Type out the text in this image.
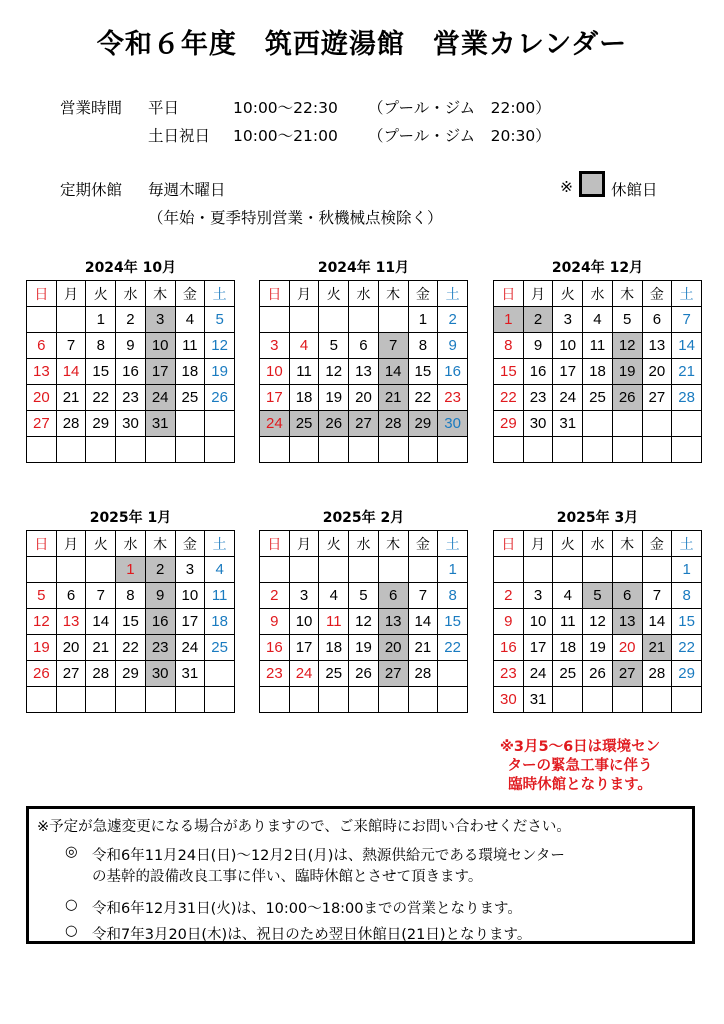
令和６年度　筑西遊湯館　営業カレンダー
営業時間 平日	10:00～22:30 （プール・ジム　22:00）
土日祝日 10:00～21:00 （プール・ジム　20:30）
定期休館 毎週木曜日
（年始・夏季特別営業・秋機械点検除く）
※ 休館日
2024年 10月
日	月	火	水	木	金	土
		1	2	3	4	5
6	7	8	9	10	11	12
13	14	15	16	17	18	19
20	21	22	23	24	25	26
27	28	29	30	31		

2024年 11月
日	月	火	水	木	金	土
					1	2
3	4	5	6	7	8	9
10	11	12	13	14	15	16
17	18	19	20	21	22	23
24	25	26	27	28	29	30

2024年 12月
日	月	火	水	木	金	土
1	2	3	4	5	6	7
8	9	10	11	12	13	14
15	16	17	18	19	20	21
22	23	24	25	26	27	28
29	30	31				

2025年 1月
日	月	火	水	木	金	土
			1	2	3	4
5	6	7	8	9	10	11
12	13	14	15	16	17	18
19	20	21	22	23	24	25
26	27	28	29	30	31	

2025年 2月
日	月	火	水	木	金	土
						1
2	3	4	5	6	7	8
9	10	11	12	13	14	15
16	17	18	19	20	21	22
23	24	25	26	27	28	

2025年 3月
日	月	火	水	木	金	土
						1
2	3	4	5	6	7	8
9	10	11	12	13	14	15
16	17	18	19	20	21	22
23	24	25	26	27	28	29
30	31					
※3月5～6日は環境セン
ターの緊急工事に伴う
臨時休館となります。
※予定が急遽変更になる場合がありますので、ご来館時にお問い合わせください。
◎ 令和6年11月24日(日)～12月2日(月)は、熱源供給元である環境センター
の基幹的設備改良工事に伴い、臨時休館とさせて頂きます。
○ 令和6年12月31日(火)は、10:00～18:00までの営業となります。
○ 令和7年3月20日(木)は、祝日のため翌日休館日(21日)となります。
